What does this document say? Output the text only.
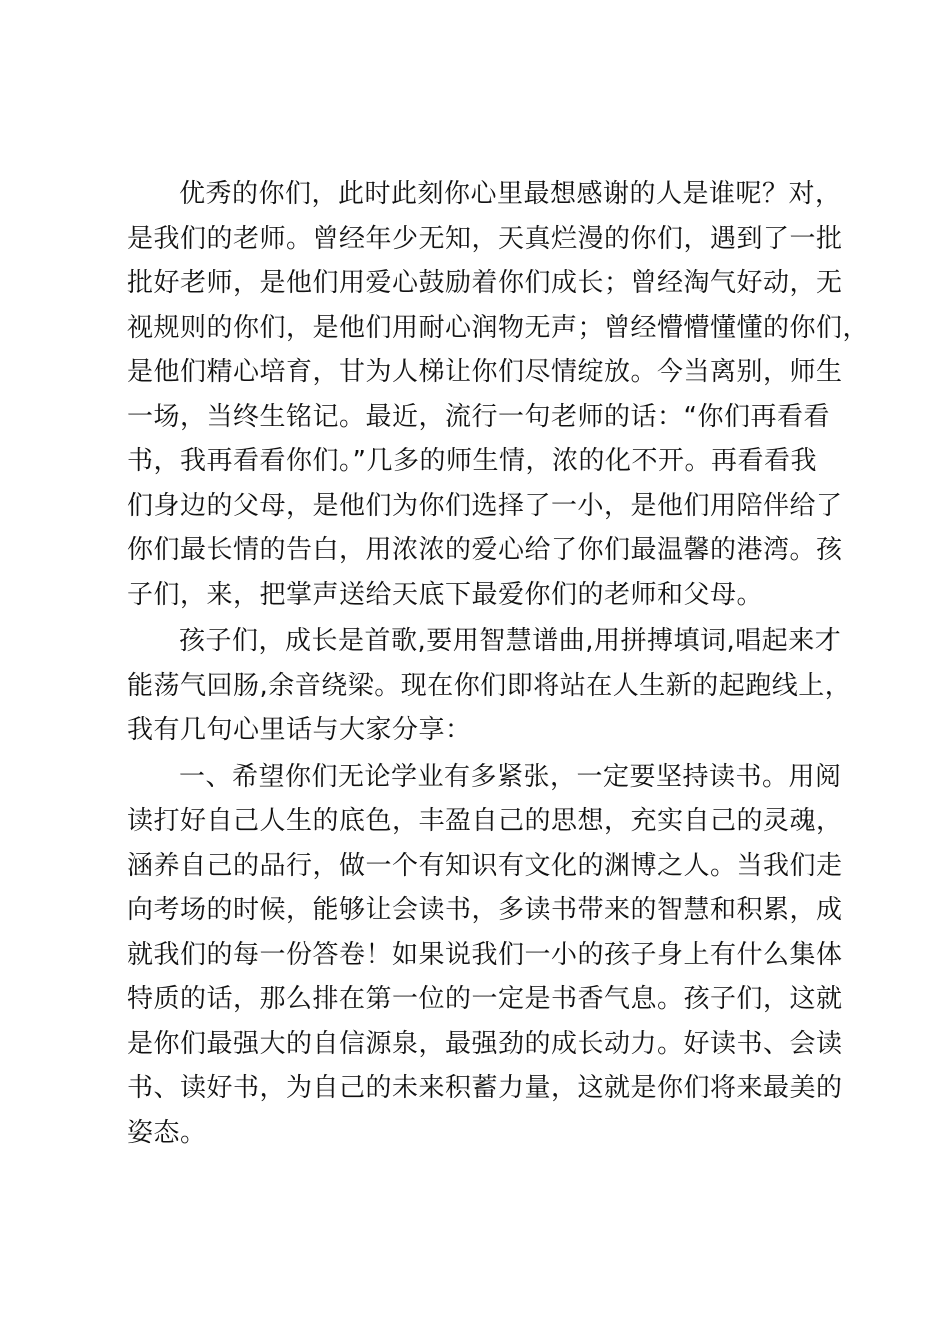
优秀的你们，此时此刻你心里最想感谢的人是谁呢？对，
是我们的老师。曾经年少无知，天真烂漫的你们，遇到了一批
批好老师，是他们用爱心鼓励着你们成长；曾经淘气好动，无
视规则的你们，是他们用耐心润物无声；曾经懵懵懂懂的你们，
是他们精心培育，甘为人梯让你们尽情绽放。今当离别，师生
一场，当终生铭记。最近，流行一句老师的话：“你们再看看
书，我再看看你们。”几多的师生情，浓的化不开。再看看我
们身边的父母，是他们为你们选择了一小，是他们用陪伴给了
你们最长情的告白，用浓浓的爱心给了你们最温馨的港湾。孩
子们，来，把掌声送给天底下最爱你们的老师和父母。

孩子们，成长是首歌,要用智慧谱曲,用拼搏填词,唱起来才
能荡气回肠,余音绕梁。现在你们即将站在人生新的起跑线上，
我有几句心里话与大家分享：

一、希望你们无论学业有多紧张，一定要坚持读书。用阅
读打好自己人生的底色，丰盈自己的思想，充实自己的灵魂，
涵养自己的品行，做一个有知识有文化的渊博之人。当我们走
向考场的时候，能够让会读书，多读书带来的智慧和积累，成
就我们的每一份答卷！如果说我们一小的孩子身上有什么集体
特质的话，那么排在第一位的一定是书香气息。孩子们，这就
是你们最强大的自信源泉，最强劲的成长动力。好读书、会读
书、读好书，为自己的未来积蓄力量，这就是你们将来最美的
姿态。
